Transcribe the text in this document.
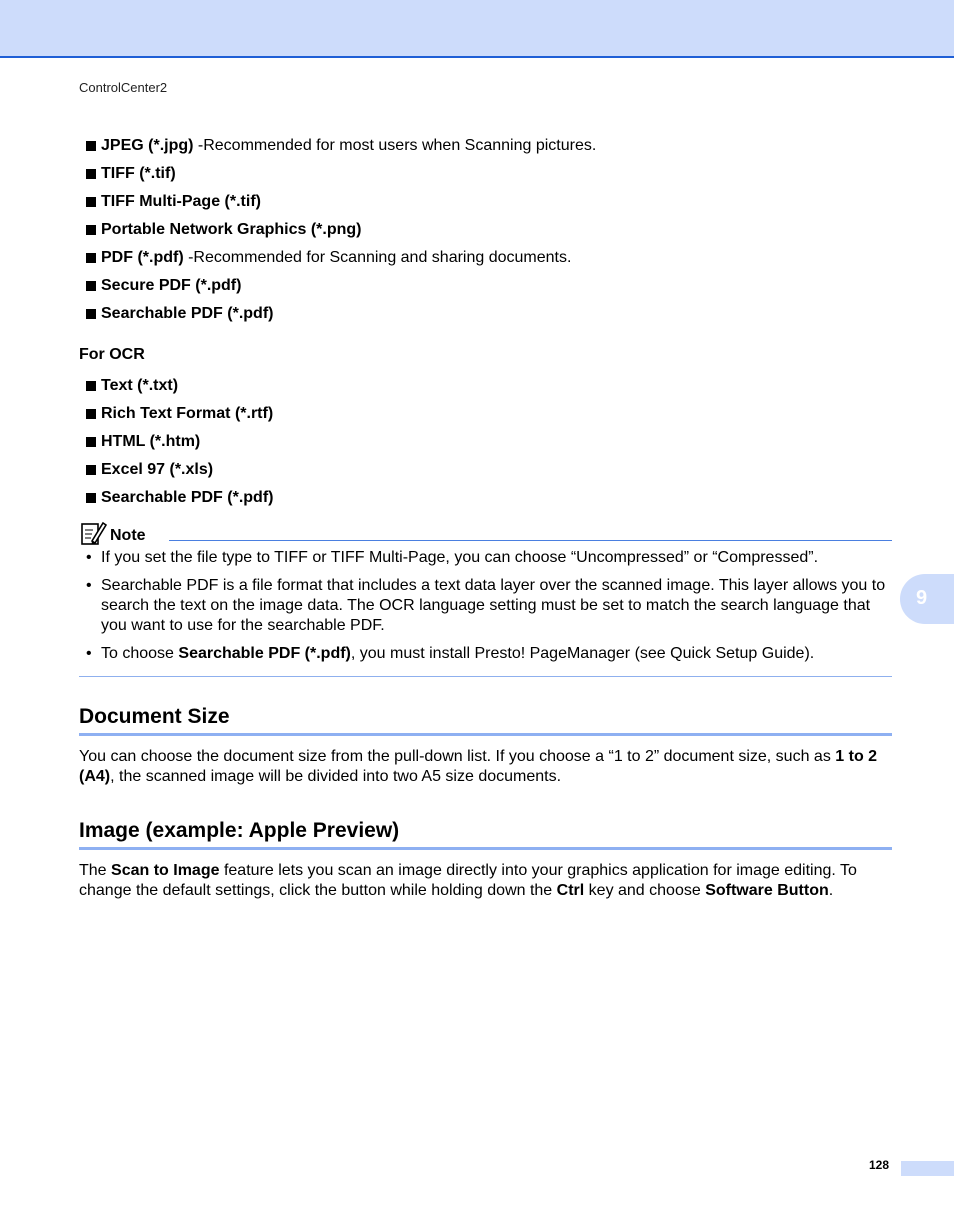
ControlCenter2
JPEG (*.jpg) -Recommended for most users when Scanning pictures.
TIFF (*.tif)
TIFF Multi-Page (*.tif)
Portable Network Graphics (*.png)
PDF (*.pdf) -Recommended for Scanning and sharing documents.
Secure PDF (*.pdf)
Searchable PDF (*.pdf)
For OCR
Text (*.txt)
Rich Text Format (*.rtf)
HTML (*.htm)
Excel 97 (*.xls)
Searchable PDF (*.pdf)
Note
• If you set the file type to TIFF or TIFF Multi-Page, you can choose “Uncompressed” or “Compressed”.
• Searchable PDF is a file format that includes a text data layer over the scanned image. This layer allows you to search the text on the image data. The OCR language setting must be set to match the search language that you want to use for the searchable PDF.
• To choose Searchable PDF (*.pdf), you must install Presto! PageManager (see Quick Setup Guide).
Document Size

You can choose the document size from the pull-down list. If you choose a “1 to 2” document size, such as 1 to 2 (A4), the scanned image will be divided into two A5 size documents.

Image (example: Apple Preview)

The Scan to Image feature lets you scan an image directly into your graphics application for image editing. To change the default settings, click the button while holding down the Ctrl key and choose Software Button.

9
128
